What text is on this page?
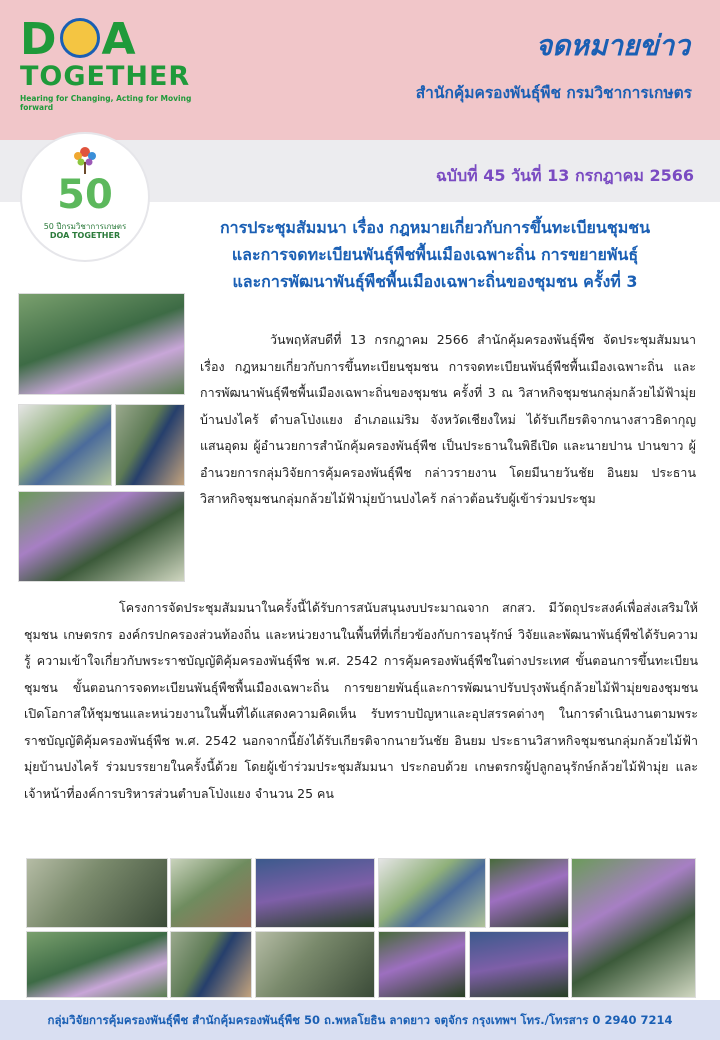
D A
TOGETHER
Hearing for Changing, Acting for Moving forward
จดหมายข่าว
สำนักคุ้มครองพันธุ์พืช กรมวิชาการเกษตร
ฉบับที่ 45 วันที่ 13 กรกฎาคม 2566
50
50 ปีกรมวิชาการเกษตร
DOA TOGETHER	การประชุมสัมมนา เรื่อง กฎหมายเกี่ยวกับการขึ้นทะเบียนชุมชน
และการจดทะเบียนพันธุ์พืชพื้นเมืองเฉพาะถิ่น การขยายพันธุ์
และการพัฒนาพันธุ์พืชพื้นเมืองเฉพาะถิ่นของชุมชน ครั้งที่ 3
วันพฤหัสบดีที่ 13 กรกฎาคม 2566 สำนักคุ้มครองพันธุ์พืช จัดประชุมสัมมนา เรื่อง กฎหมายเกี่ยวกับการขึ้นทะเบียนชุมชน การจดทะเบียนพันธุ์พืชพื้นเมืองเฉพาะถิ่น และการพัฒนาพันธุ์พืชพื้นเมืองเฉพาะถิ่นของชุมชน ครั้งที่ 3 ณ วิสาหกิจชุมชนกลุ่มกล้วยไม้ฟ้ามุ่ยบ้านปงไคร้ ตำบลโป่งแยง อำเภอแม่ริม จังหวัดเชียงใหม่ ได้รับเกียรติจากนางสาวธิดากุญ แสนอุดม ผู้อำนวยการสำนักคุ้มครองพันธุ์พืช เป็นประธานในพิธีเปิด และนายปาน ปานขาว ผู้อำนวยการกลุ่มวิจัยการคุ้มครองพันธุ์พืช กล่าวรายงาน โดยมีนายวันชัย อินยม ประธานวิสาหกิจชุมชนกลุ่มกล้วยไม้ฟ้ามุ่ยบ้านปงไคร้ กล่าวต้อนรับผู้เข้าร่วมประชุม
โครงการจัดประชุมสัมมนาในครั้งนี้ได้รับการสนับสนุนงบประมาณจาก สกสว. มีวัตถุประสงค์เพื่อส่งเสริมให้ชุมชน เกษตรกร องค์กรปกครองส่วนท้องถิ่น และหน่วยงานในพื้นที่ที่เกี่ยวข้องกับการอนุรักษ์ วิจัยและพัฒนาพันธุ์พืชได้รับความรู้ ความเข้าใจเกี่ยวกับพระราชบัญญัติคุ้มครองพันธุ์พืช พ.ศ. 2542 การคุ้มครองพันธุ์พืชในต่างประเทศ ขั้นตอนการขึ้นทะเบียนชุมชน ขั้นตอนการจดทะเบียนพันธุ์พืชพื้นเมืองเฉพาะถิ่น การขยายพันธุ์และการพัฒนาปรับปรุงพันธุ์กล้วยไม้ฟ้ามุ่ยของชุมชน เปิดโอกาสให้ชุมชนและหน่วยงานในพื้นที่ได้แสดงความคิดเห็น รับทราบปัญหาและอุปสรรคต่างๆ ในการดำเนินงานตามพระราชบัญญัติคุ้มครองพันธุ์พืช พ.ศ. 2542 นอกจากนี้ยังได้รับเกียรติจากนายวันชัย อินยม ประธานวิสาหกิจชุมชนกลุ่มกล้วยไม้ฟ้ามุ่ยบ้านปงไคร้ ร่วมบรรยายในครั้งนี้ด้วย โดยผู้เข้าร่วมประชุมสัมมนา ประกอบด้วย เกษตรกรผู้ปลูกอนุรักษ์กล้วยไม้ฟ้ามุ่ย และเจ้าหน้าที่องค์การบริหารส่วนตำบลโป่งแยง จำนวน 25 คน
กลุ่มวิจัยการคุ้มครองพันธุ์พืช สำนักคุ้มครองพันธุ์พืช 50 ถ.พหลโยธิน ลาดยาว จตุจักร กรุงเทพฯ โทร./โทรสาร 0 2940 7214
